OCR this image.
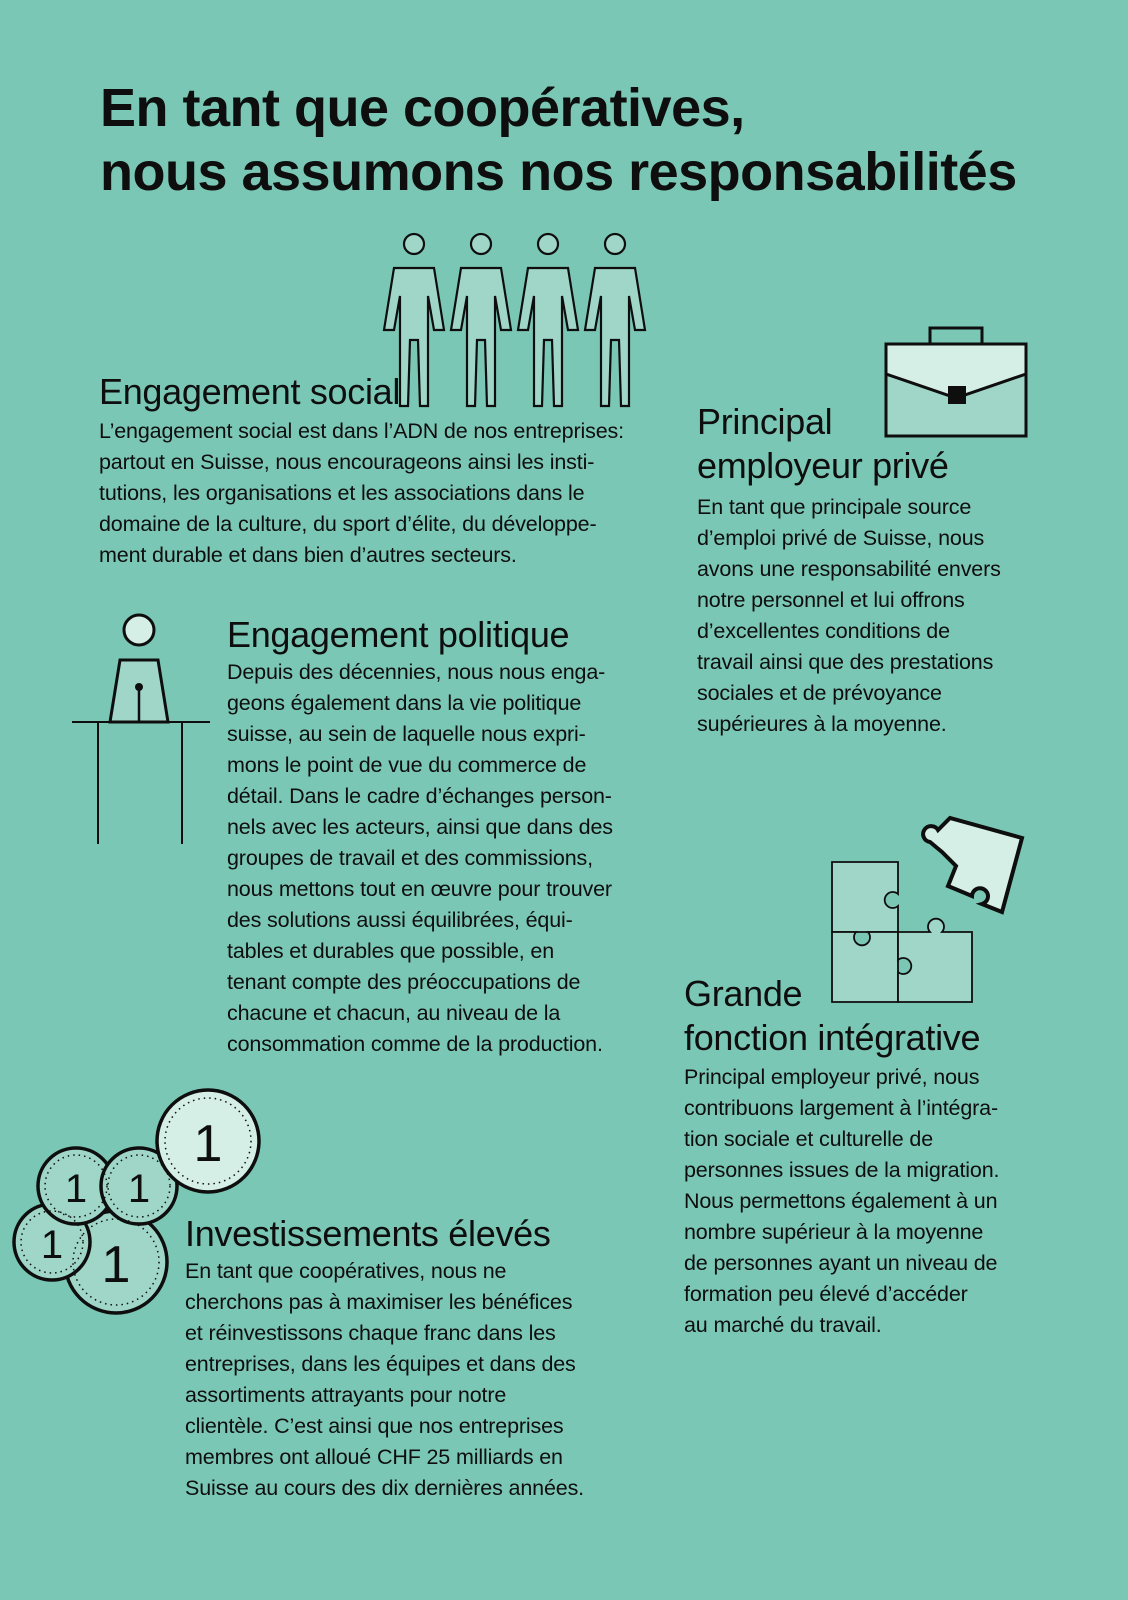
En tant que coopératives,
nous assumons nos responsabilités
Engagement social
L’engagement social est dans l’ADN de nos entreprises:
partout en Suisse, nous encourageons ainsi les insti-
tutions, les organisations et les associations dans le
domaine de la culture, du sport d’élite, du développe-
ment durable et dans bien d’autres secteurs.
Principal
employeur privé
En tant que principale source
d’emploi privé de Suisse, nous
avons une responsabilité envers
notre personnel et lui offrons
d’excellentes conditions de
travail ainsi que des prestations
sociales et de prévoyance
supérieures à la moyenne.
Engagement politique
Depuis des décennies, nous nous enga-
geons également dans la vie politique
suisse, au sein de laquelle nous expri-
mons le point de vue du commerce de
détail. Dans le cadre d’échanges person-
nels avec les acteurs, ainsi que dans des
groupes de travail et des commissions,
nous mettons tout en œuvre pour trouver
des solutions aussi équilibrées, équi-
tables et durables que possible, en
tenant compte des préoccupations de
chacune et chacun, au niveau de la
consommation comme de la production.
Grande
fonction intégrative
Principal employeur privé, nous
contribuons largement à l’intégra-
tion sociale et culturelle de
personnes issues de la migration.
Nous permettons également à un
nombre supérieur à la moyenne
de personnes ayant un niveau de
formation peu élevé d’accéder
au marché du travail.
1
1
1 1
1
Investissements élevés
En tant que coopératives, nous ne
cherchons pas à maximiser les bénéfices
et réinvestissons chaque franc dans les
entreprises, dans les équipes et dans des
assortiments attrayants pour notre
clientèle. C’est ainsi que nos entreprises
membres ont alloué CHF 25 milliards en
Suisse au cours des dix dernières années.
